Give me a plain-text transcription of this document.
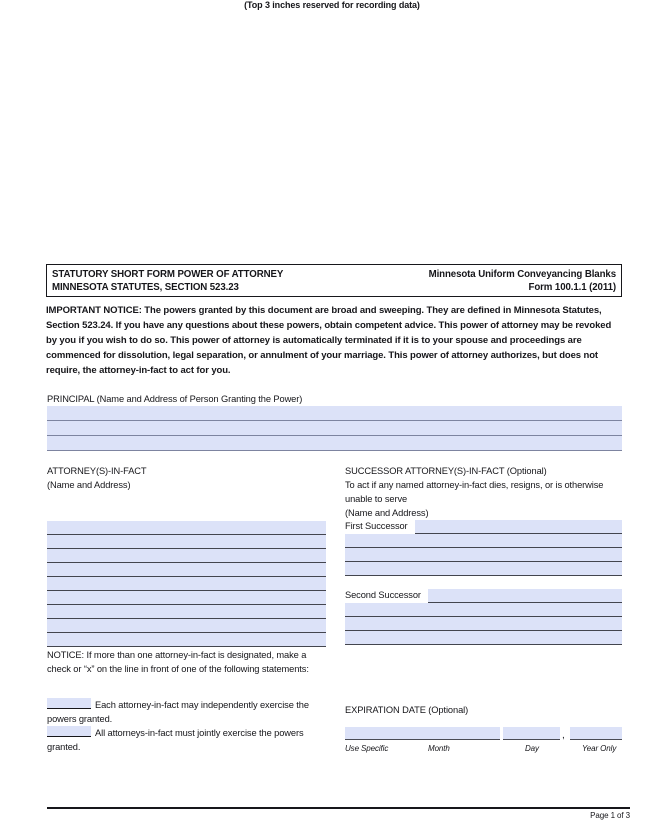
(Top 3 inches reserved for recording data)
STATUTORY SHORT FORM POWER OF ATTORNEY
MINNESOTA STATUTES, SECTION 523.23
Minnesota Uniform Conveyancing Blanks
Form 100.1.1 (2011)
IMPORTANT NOTICE: The powers granted by this document are broad and sweeping. They are defined in Minnesota Statutes, Section 523.24. If you have any questions about these powers, obtain competent advice. This power of attorney may be revoked by you if you wish to do so. This power of attorney is automatically terminated if it is to your spouse and proceedings are commenced for dissolution, legal separation, or annulment of your marriage. This power of attorney authorizes, but does not require, the attorney-in-fact to act for you.
PRINCIPAL (Name and Address of Person Granting the Power)
ATTORNEY(S)-IN-FACT
(Name and Address)
SUCCESSOR ATTORNEY(S)-IN-FACT (Optional)
To act if any named attorney-in-fact dies, resigns, or is otherwise unable to serve
(Name and Address)
First Successor
Second Successor
NOTICE: If more than one attorney-in-fact is designated, make a check or “x” on the line in front of one of the following statements:
Each attorney-in-fact may independently exercise the powers granted.
All attorneys-in-fact must jointly exercise the powers granted.
EXPIRATION DATE (Optional)
,
Use Specific	Month	Day	Year Only
Page 1 of 3
